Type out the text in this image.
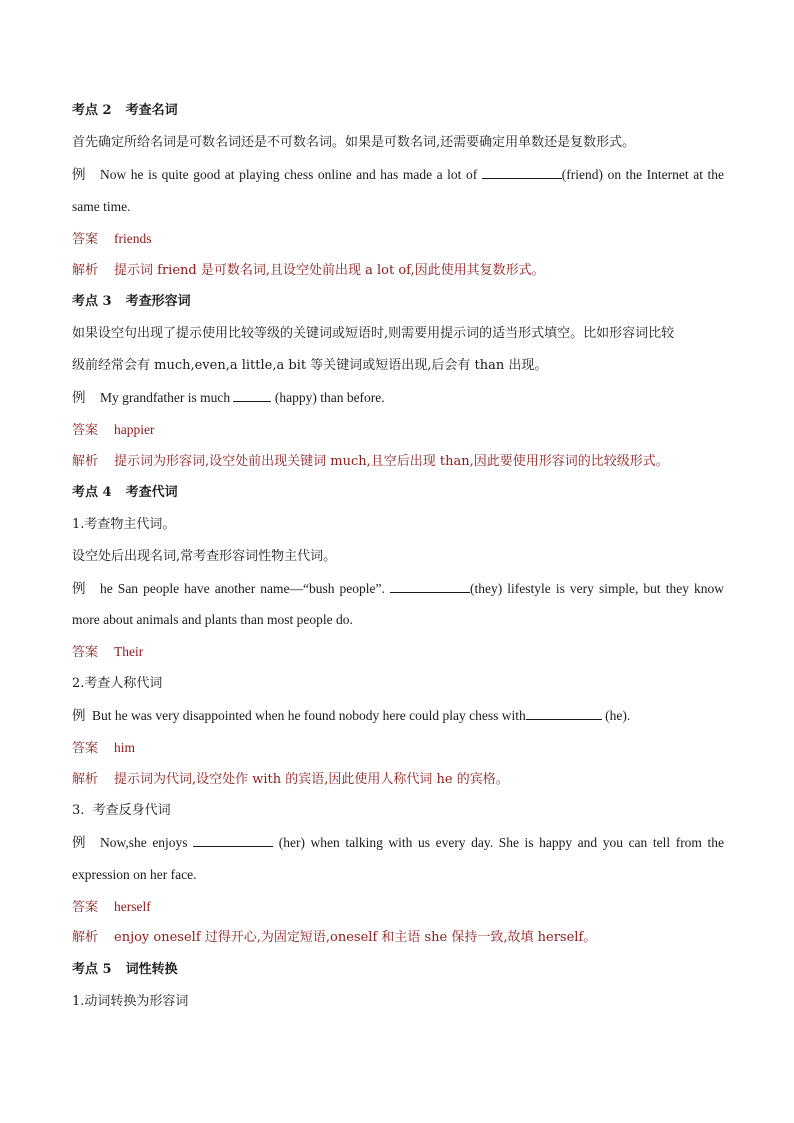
考点 2 考查名词
首先确定所给名词是可数名词还是不可数名词。如果是可数名词,还需要确定用单数还是复数形式。
例 Now he is quite good at playing chess online and has made a lot of	(friend) on the Internet at the
same time.
答案 friends
解析 提示词 friend 是可数名词,且设空处前出现 a lot of,因此使用其复数形式。
考点 3 考查形容词
如果设空句出现了提示使用比较等级的关键词或短语时,则需要用提示词的适当形式填空。比如形容词比较
级前经常会有 much,even,a little,a bit 等关键词或短语出现,后会有 than 出现。
例 My grandfather is much	(happy) than before.
答案 happier
解析 提示词为形容词,设空处前出现关键词 much,且空后出现 than,因此要使用形容词的比较级形式。
考点 4 考查代词
1.考查物主代词。
设空处后出现名词,常考查形容词性物主代词。
例 he San people have another name—“bush people”.	(they) lifestyle is very simple, but they know
more about animals and plants than most people do.
答案 Their
2.考查人称代词
例 But he was very disappointed when he found nobody here could play chess with	(he).
答案 him
解析 提示词为代词,设空处作 with 的宾语,因此使用人称代词 he 的宾格。
3.  考查反身代词
例 Now,she enjoys	(her) when talking with us every day. She is happy and you can tell from the
expression on her face.
答案 herself
解析 enjoy oneself 过得开心,为固定短语,oneself 和主语 she 保持一致,故填 herself。
考点 5 词性转换
1.动词转换为形容词
